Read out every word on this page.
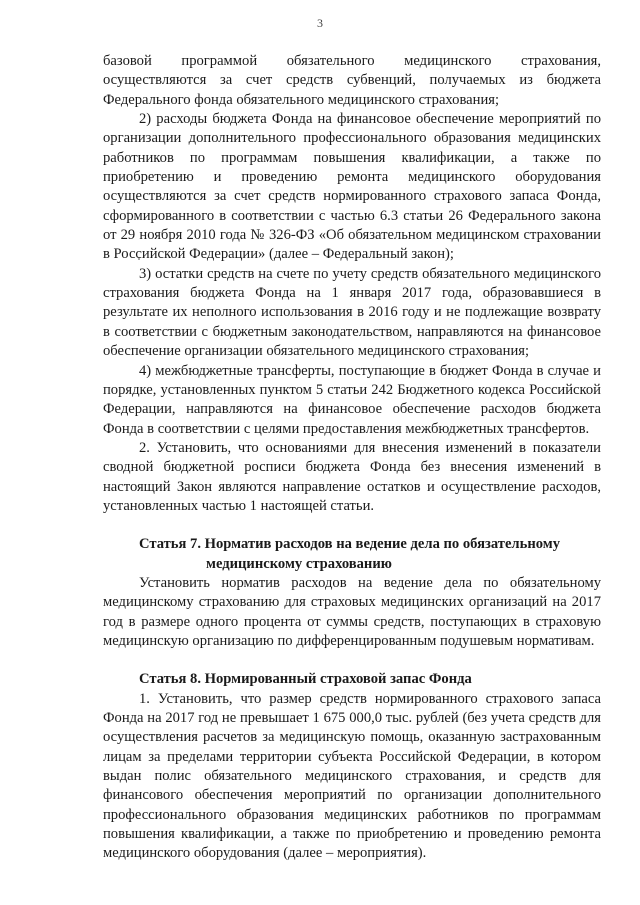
3

базовой программой обязательного медицинского страхования, осуществляются за счет средств субвенций, получаемых из бюджета Федерального фонда обязательного медицинского страхования;

2) расходы бюджета Фонда на финансовое обеспечение мероприятий по организации дополнительного профессионального образования медицинских работников по программам повышения квалификации, а также по приобретению и проведению ремонта медицинского оборудования осуществляются за счет средств нормированного страхового запаса Фонда, сформированного в соответствии с частью 6.3 статьи 26 Федерального закона от 29 ноября 2010 года № 326-ФЗ «Об обязательном медицинском страховании в Российской Федерации» (далее – Федеральный закон);

3) остатки средств на счете по учету средств обязательного медицинского страхования бюджета Фонда на 1 января 2017 года, образовавшиеся в результате их неполного использования в 2016 году и не подлежащие возврату в соответствии с бюджетным законодательством, направляются на финансовое обеспечение организации обязательного медицинского страхования;

4) межбюджетные трансферты, поступающие в бюджет Фонда в случае и порядке, установленных пунктом 5 статьи 242 Бюджетного кодекса Российской Федерации, направляются на финансовое обеспечение расходов бюджета Фонда в соответствии с целями предоставления межбюджетных трансфертов.

2. Установить, что основаниями для внесения изменений в показатели сводной бюджетной росписи бюджета Фонда без внесения изменений в настоящий Закон являются направление остатков и осуществление расходов, установленных частью 1 настоящей статьи.

Статья 7. Норматив расходов на ведение дела по обязательному
медицинскому страхованию

Установить норматив расходов на ведение дела по обязательному медицинскому страхованию для страховых медицинских организаций на 2017 год в размере одного процента от суммы средств, поступающих в страховую медицинскую организацию по дифференцированным подушевым нормативам.

Статья 8. Нормированный страховой запас Фонда

1. Установить, что размер средств нормированного страхового запаса Фонда на 2017 год не превышает 1 675 000,0 тыс. рублей (без учета средств для осуществления расчетов за медицинскую помощь, оказанную застрахованным лицам за пределами территории субъекта Российской Федерации, в котором выдан полис обязательного медицинского страхования, и средств для финансового обеспечения мероприятий по организации дополнительного профессионального образования медицинских работников по программам повышения квалификации, а также по приобретению и проведению ремонта медицинского оборудования (далее – мероприятия).
